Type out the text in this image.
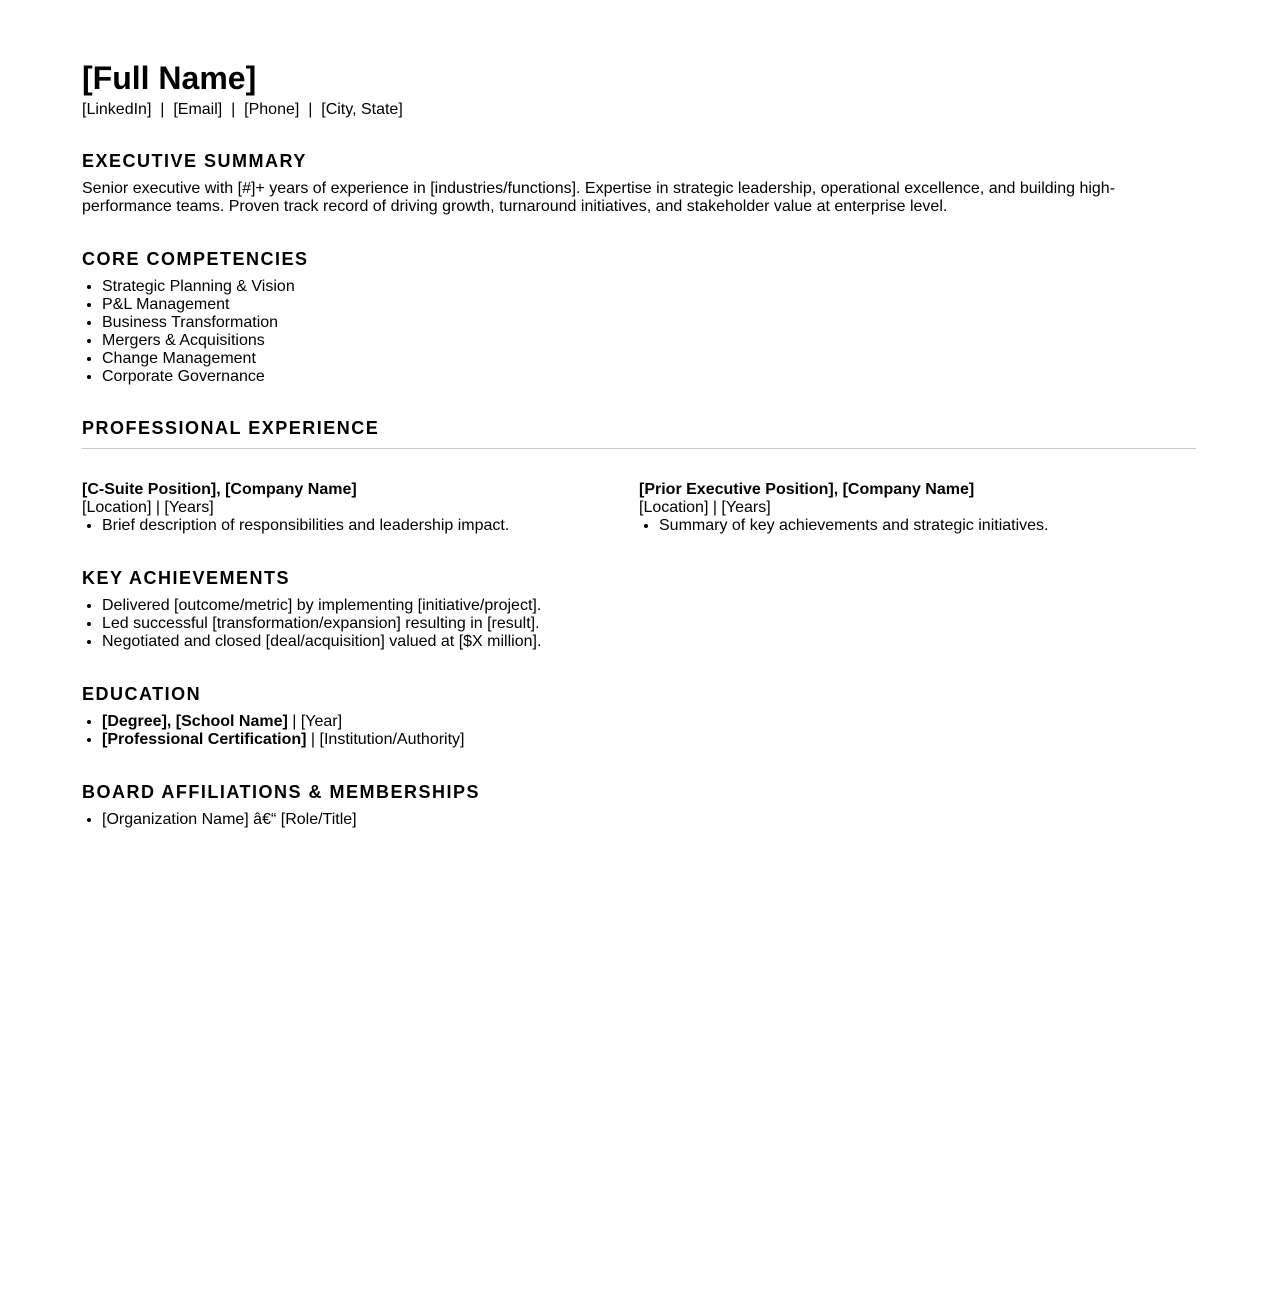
[Full Name]
[LinkedIn]  |  [Email]  |  [Phone]  |  [City, State]
EXECUTIVE SUMMARY
Senior executive with [#]+ years of experience in [industries/functions]. Expertise in strategic leadership, operational excellence, and building high-performance teams. Proven track record of driving growth, turnaround initiatives, and stakeholder value at enterprise level.
CORE COMPETENCIES
• Strategic Planning & Vision
• P&L Management
• Business Transformation
• Mergers & Acquisitions
• Change Management
• Corporate Governance
PROFESSIONAL EXPERIENCE
[C-Suite Position], [Company Name]
[Location] | [Years]
• Brief description of responsibilities and leadership impact.
[Prior Executive Position], [Company Name]
[Location] | [Years]
• Summary of key achievements and strategic initiatives.
KEY ACHIEVEMENTS
• Delivered [outcome/metric] by implementing [initiative/project].
• Led successful [transformation/expansion] resulting in [result].
• Negotiated and closed [deal/acquisition] valued at [$X million].
EDUCATION
• [Degree], [School Name] | [Year]
• [Professional Certification] | [Institution/Authority]
BOARD AFFILIATIONS & MEMBERSHIPS
• [Organization Name] â€“ [Role/Title]
